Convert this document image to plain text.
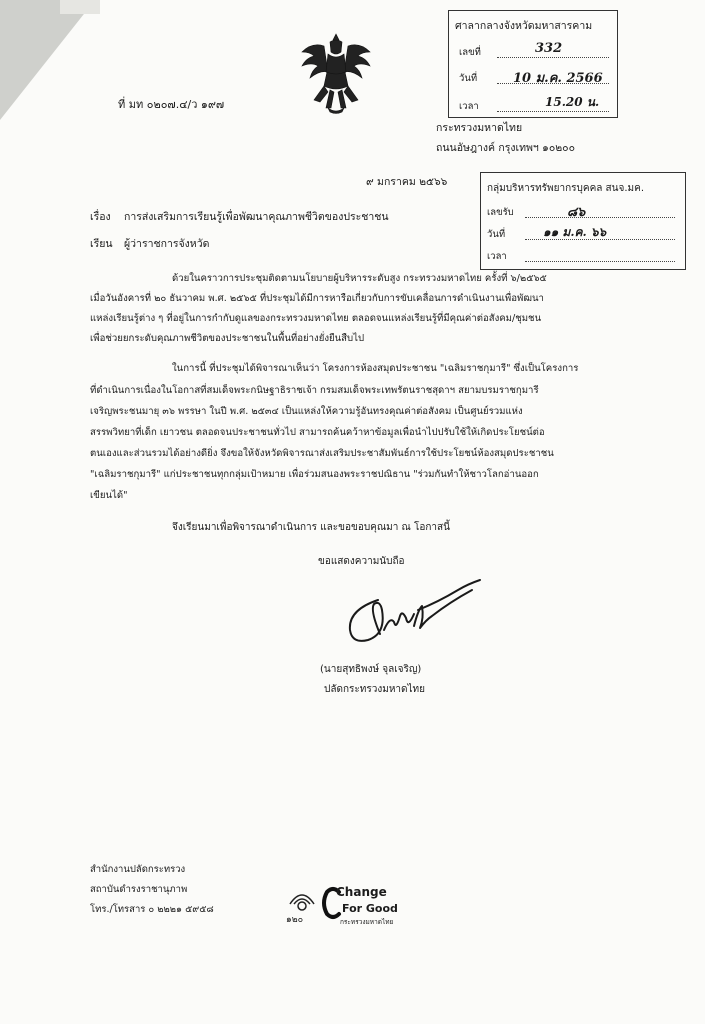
ศาลากลางจังหวัดมหาสารคาม
เลขที่	332
วันที่	10 ม.ค. 2566
เวลา	15.20 น.
กลุ่มบริหารทรัพยากรบุคคล สนจ.มค.
เลขรับ	๘๖
วันที่	๑๑ ม.ค. ๖๖
เวลา
ที่ มท ๐๒๐๗.๔/ว ๑๙๗
กระทรวงมหาดไทย
ถนนอัษฎางค์ กรุงเทพฯ ๑๐๒๐๐
๙ มกราคม ๒๕๖๖
เรื่อง การส่งเสริมการเรียนรู้เพื่อพัฒนาคุณภาพชีวิตของประชาชน
เรียน ผู้ว่าราชการจังหวัด
ด้วยในคราวการประชุมติดตามนโยบายผู้บริหารระดับสูง กระทรวงมหาดไทย ครั้งที่ ๖/๒๕๖๕
เมื่อวันอังคารที่ ๒๐ ธันวาคม พ.ศ. ๒๕๖๕ ที่ประชุมได้มีการหารือเกี่ยวกับการขับเคลื่อนการดำเนินงานเพื่อพัฒนา
แหล่งเรียนรู้ต่าง ๆ ที่อยู่ในการกำกับดูแลของกระทรวงมหาดไทย ตลอดจนแหล่งเรียนรู้ที่มีคุณค่าต่อสังคม/ชุมชน
เพื่อช่วยยกระดับคุณภาพชีวิตของประชาชนในพื้นที่อย่างยั่งยืนสืบไป
ในการนี้ ที่ประชุมได้พิจารณาเห็นว่า โครงการห้องสมุดประชาชน "เฉลิมราชกุมารี" ซึ่งเป็นโครงการ
ที่ดำเนินการเนื่องในโอกาสที่สมเด็จพระกนิษฐาธิราชเจ้า กรมสมเด็จพระเทพรัตนราชสุดาฯ สยามบรมราชกุมารี
เจริญพระชนมายุ ๓๖ พรรษา ในปี พ.ศ. ๒๕๓๔ เป็นแหล่งให้ความรู้อันทรงคุณค่าต่อสังคม เป็นศูนย์รวมแห่ง
สรรพวิทยาที่เด็ก เยาวชน ตลอดจนประชาชนทั่วไป สามารถค้นคว้าหาข้อมูลเพื่อนำไปปรับใช้ให้เกิดประโยชน์ต่อ
ตนเองและส่วนรวมได้อย่างดียิ่ง จึงขอให้จังหวัดพิจารณาส่งเสริมประชาสัมพันธ์การใช้ประโยชน์ห้องสมุดประชาชน
"เฉลิมราชกุมารี" แก่ประชาชนทุกกลุ่มเป้าหมาย เพื่อร่วมสนองพระราชปณิธาน "ร่วมกันทำให้ชาวโลกอ่านออก
เขียนได้"
จึงเรียนมาเพื่อพิจารณาดำเนินการ และขอขอบคุณมา ณ โอกาสนี้
ขอแสดงความนับถือ
(นายสุทธิพงษ์ จุลเจริญ)
ปลัดกระทรวงมหาดไทย
สำนักงานปลัดกระทรวง
สถาบันดำรงราชานุภาพ
โทร./โทรสาร ๐ ๒๒๒๑ ๕๙๕๘
๑๒๐
Change
For Good
กระทรวงมหาดไทย
